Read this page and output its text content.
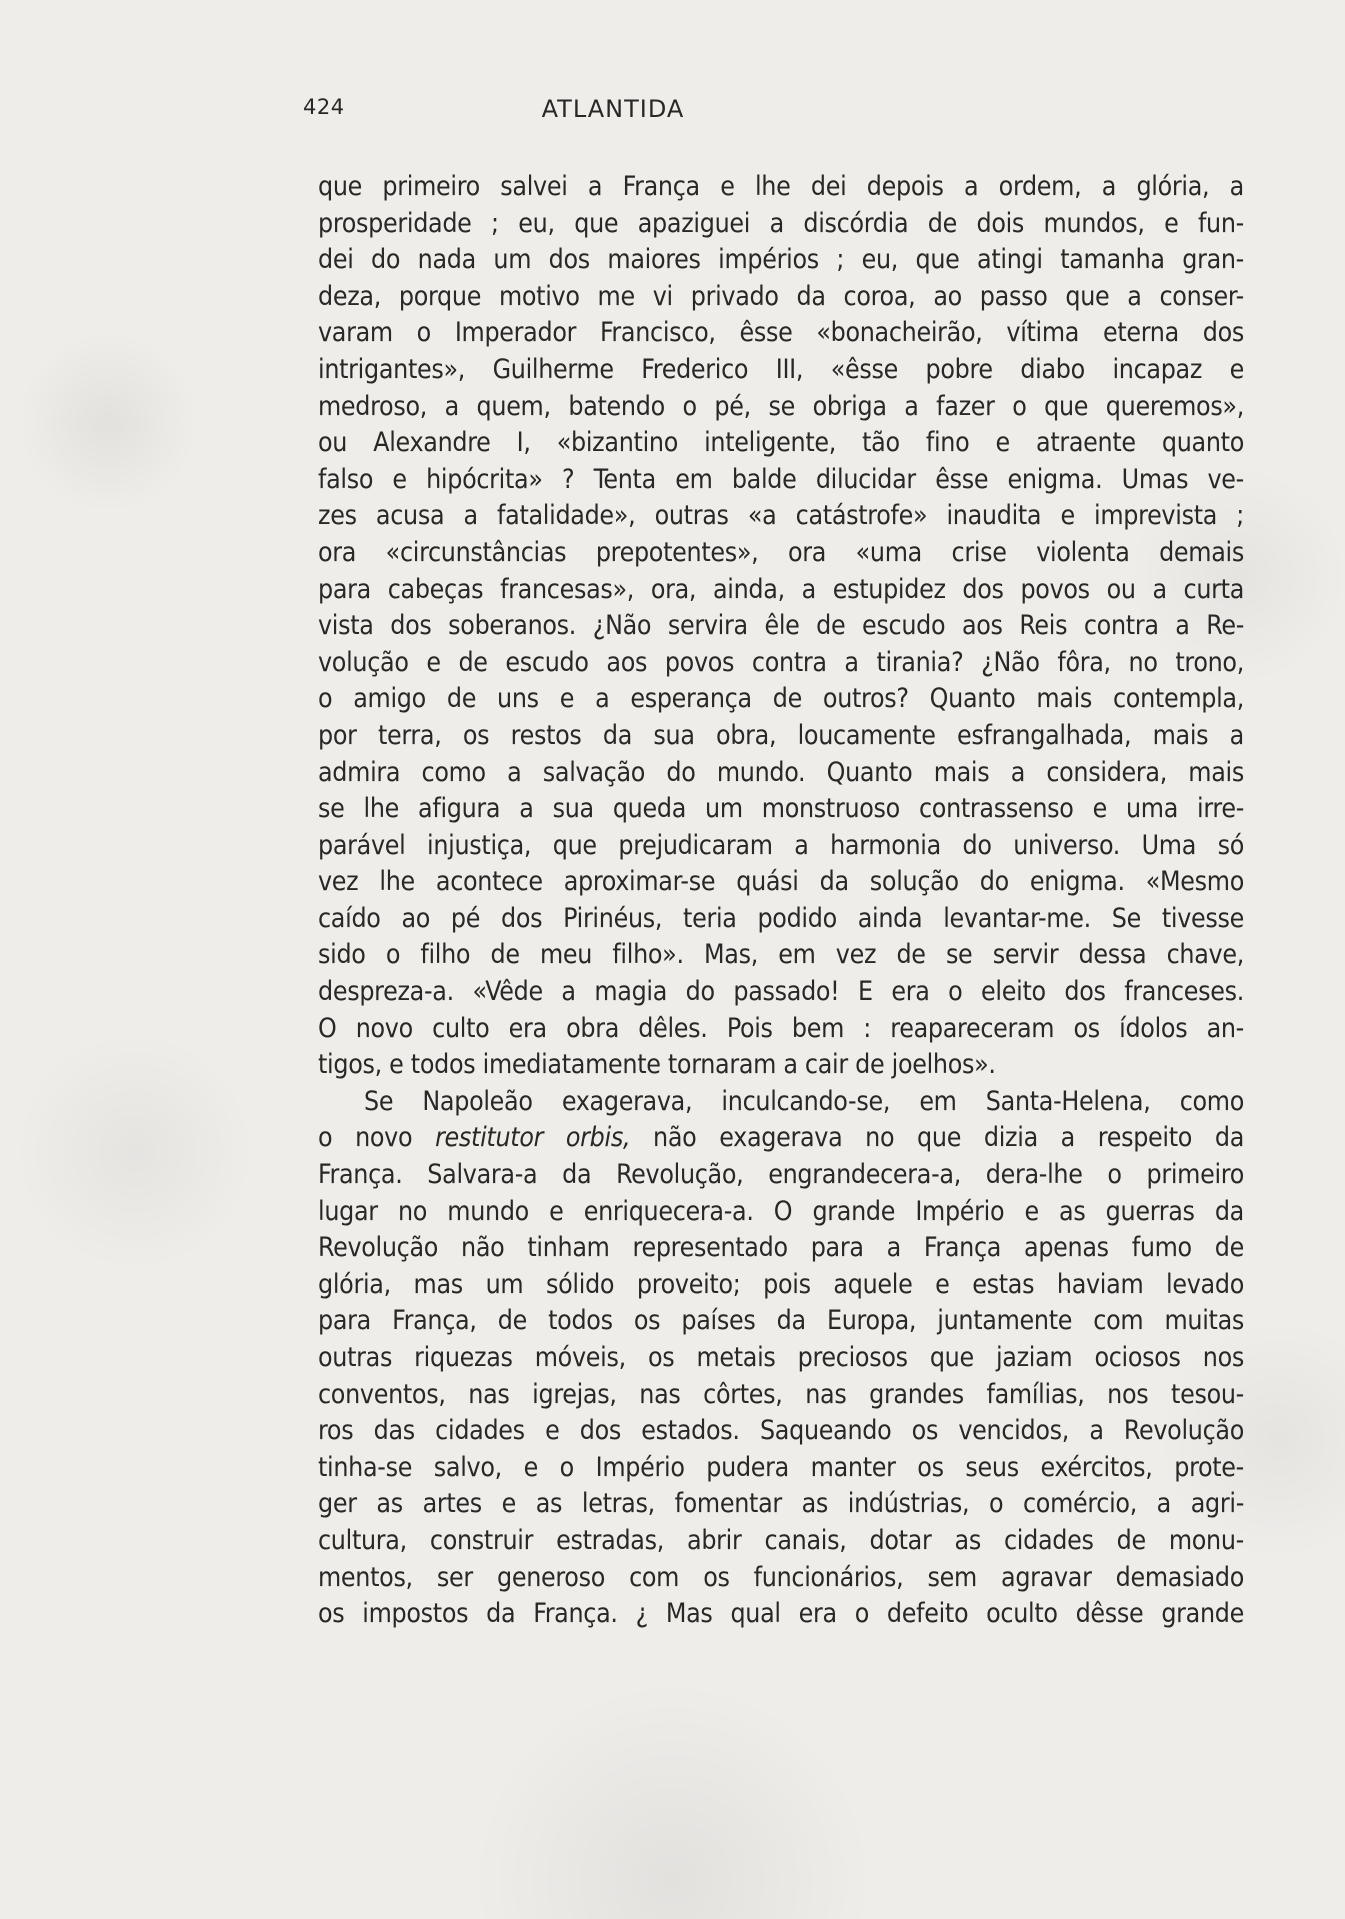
424	ATLANTIDA
que primeiro salvei a França e lhe dei depois a ordem, a glória, a
prosperidade ; eu, que apaziguei a discórdia de dois mundos, e fun-
dei do nada um dos maiores impérios ; eu, que atingi tamanha gran-
deza, porque motivo me vi privado da coroa, ao passo que a conser-
varam o Imperador Francisco, êsse «bonacheirão, vítima eterna dos
intrigantes», Guilherme Frederico III, «êsse pobre diabo incapaz e
medroso, a quem, batendo o pé, se obriga a fazer o que queremos»,
ou Alexandre I, «bizantino inteligente, tão fino e atraente quanto
falso e hipócrita» ? Tenta em balde dilucidar êsse enigma. Umas ve-
zes acusa a fatalidade», outras «a catástrofe» inaudita e imprevista ;
ora «circunstâncias prepotentes», ora «uma crise violenta demais
para cabeças francesas», ora, ainda, a estupidez dos povos ou a curta
vista dos soberanos. ¿Não servira êle de escudo aos Reis contra a Re-
volução e de escudo aos povos contra a tirania? ¿Não fôra, no trono,
o amigo de uns e a esperança de outros? Quanto mais contempla,
por terra, os restos da sua obra, loucamente esfrangalhada, mais a
admira como a salvação do mundo. Quanto mais a considera, mais
se lhe afigura a sua queda um monstruoso contrassenso e uma irre-
parável injustiça, que prejudicaram a harmonia do universo. Uma só
vez lhe acontece aproximar-se quási da solução do enigma. «Mesmo
caído ao pé dos Pirinéus, teria podido ainda levantar-me. Se tivesse
sido o filho de meu filho». Mas, em vez de se servir dessa chave,
despreza-a. «Vêde a magia do passado! E era o eleito dos franceses.
O novo culto era obra dêles. Pois bem : reapareceram os ídolos an-
tigos, e todos imediatamente tornaram a cair de joelhos».
Se Napoleão exagerava, inculcando-se, em Santa-Helena, como
o novo restitutor orbis, não exagerava no que dizia a respeito da
França. Salvara-a da Revolução, engrandecera-a, dera-lhe o primeiro
lugar no mundo e enriquecera-a. O grande Império e as guerras da
Revolução não tinham representado para a França apenas fumo de
glória, mas um sólido proveito; pois aquele e estas haviam levado
para França, de todos os países da Europa, juntamente com muitas
outras riquezas móveis, os metais preciosos que jaziam ociosos nos
conventos, nas igrejas, nas côrtes, nas grandes famílias, nos tesou-
ros das cidades e dos estados. Saqueando os vencidos, a Revolução
tinha-se salvo, e o Império pudera manter os seus exércitos, prote-
ger as artes e as letras, fomentar as indústrias, o comércio, a agri-
cultura, construir estradas, abrir canais, dotar as cidades de monu-
mentos, ser generoso com os funcionários, sem agravar demasiado
os impostos da França. ¿ Mas qual era o defeito oculto dêsse grande
